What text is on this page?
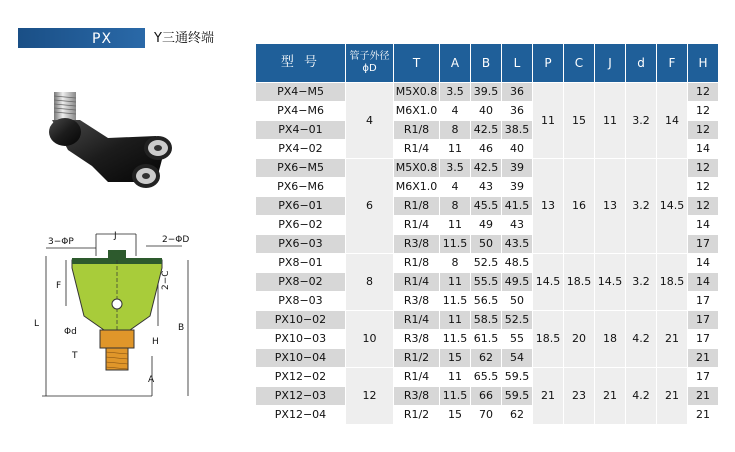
PX	Y三通终端
3−ΦP
J	2−ΦD
F	2−C
L	B
Φd
H
T
A
型 号	管子外径
ϕD	T	A	B	L	P	C	J	d	F	H
PX4−M5	4	M5X0.8	3.5	39.5	36	11	15	11	3.2	14	12
PX4−M6		M6X1.0	4	40	36						12
PX4−01		R1/8	8	42.5	38.5						12
PX4−02		R1/4	11	46	40						14
PX6−M5	6	M5X0.8	3.5	42.5	39	13	16	13	3.2	14.5	12
PX6−M6		M6X1.0	4	43	39						12
PX6−01		R1/8	8	45.5	41.5						12
PX6−02		R1/4	11	49	43						14
PX6−03		R3/8	11.5	50	43.5						17
PX8−01	8	R1/8	8	52.5	48.5	14.5	18.5	14.5	3.2	18.5	14
PX8−02		R1/4	11	55.5	49.5						14
PX8−03		R3/8	11.5	56.5	50						17
PX10−02	10	R1/4	11	58.5	52.5	18.5	20	18	4.2	21	17
PX10−03		R3/8	11.5	61.5	55						17
PX10−04		R1/2	15	62	54						21
PX12−02	12	R1/4	11	65.5	59.5	21	23	21	4.2	21	17
PX12−03		R3/8	11.5	66	59.5						21
PX12−04		R1/2	15	70	62						21
